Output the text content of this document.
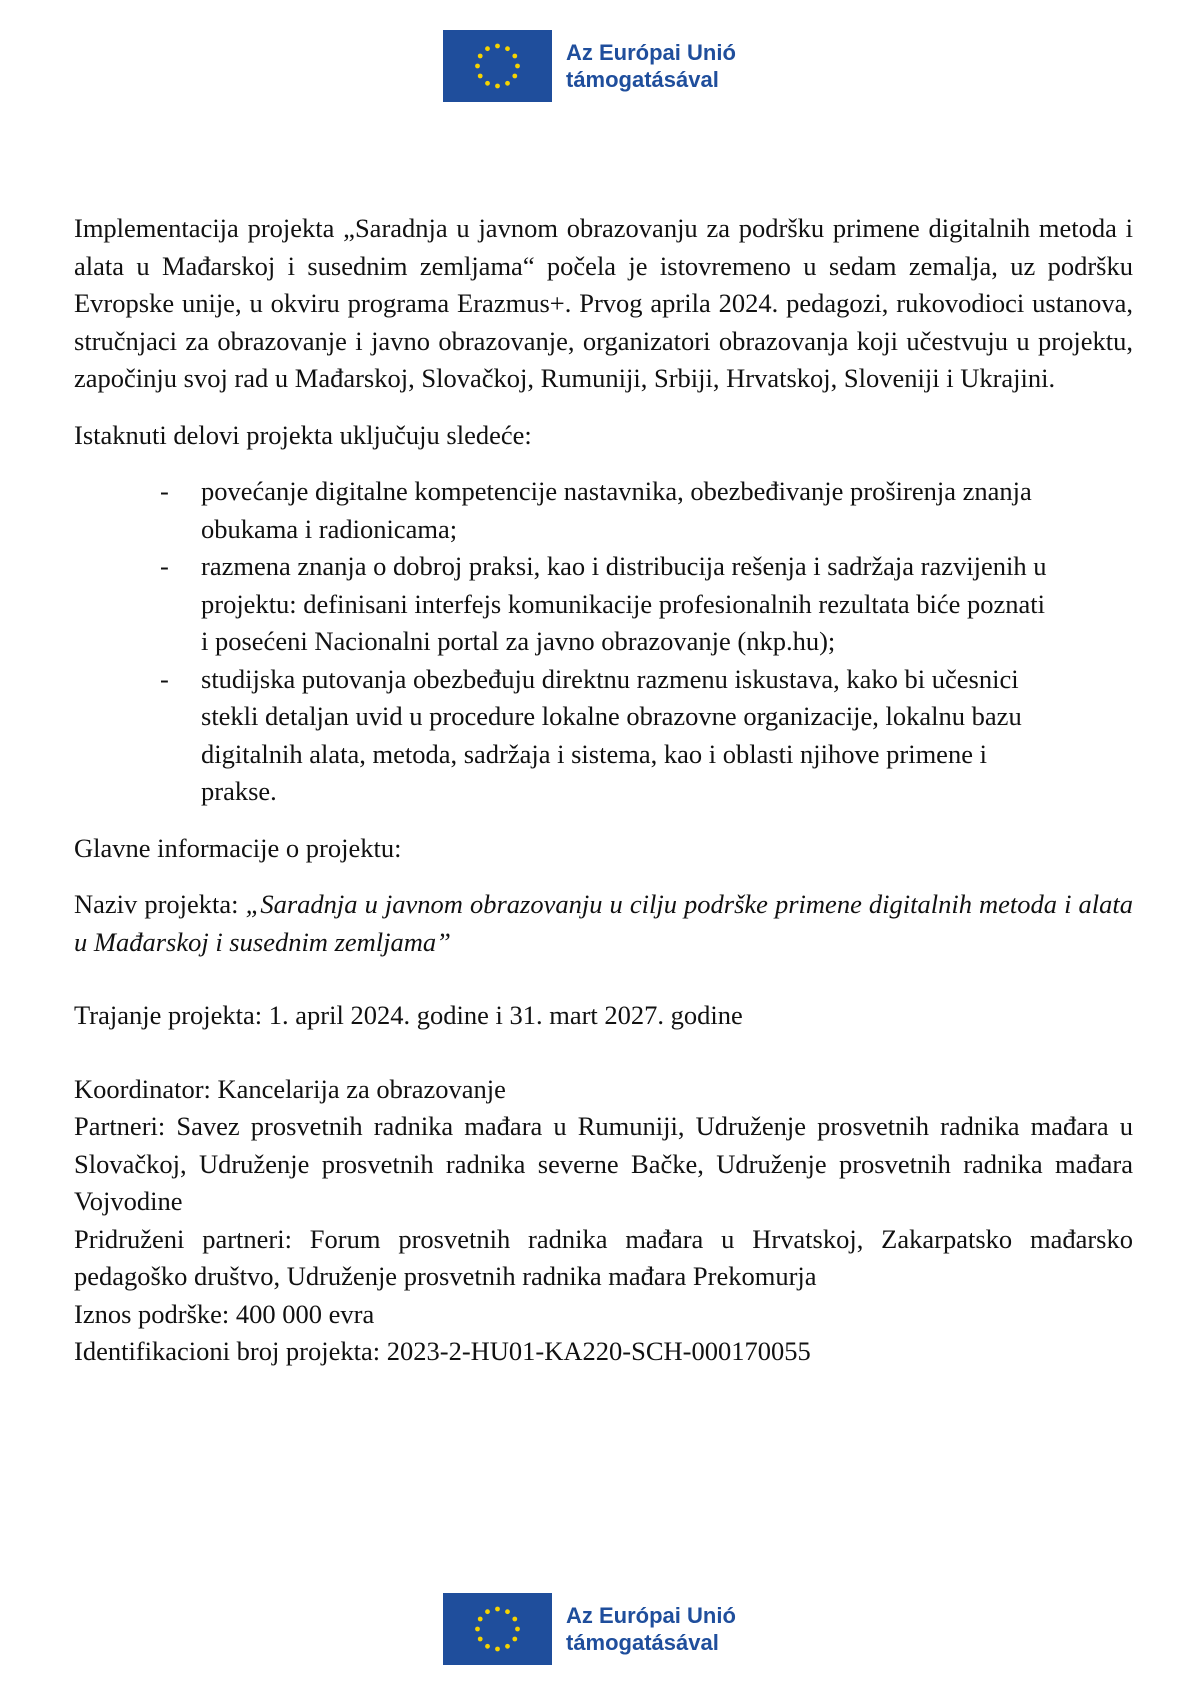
Az Európai Unió
támogatásával

Implementacija projekta „Saradnja u javnom obrazovanju za podršku primene digitalnih metoda i alata u Mađarskoj i susednim zemljama“ počela je istovremeno u sedam zemalja, uz podršku Evropske unije, u okviru programa Erazmus+. Prvog aprila 2024. pedagozi, rukovodioci ustanova, stručnjaci za obrazovanje i javno obrazovanje, organizatori obrazovanja koji učestvuju u projektu, započinju svoj rad u Mađarskoj, Slovačkoj, Rumuniji, Srbiji, Hrvatskoj, Sloveniji i Ukrajini.

Istaknuti delovi projekta uključuju sledeće:

- povećanje digitalne kompetencije nastavnika, obezbeđivanje proširenja znanja obukama i radionicama;
- razmena znanja o dobroj praksi, kao i distribucija rešenja i sadržaja razvijenih u projektu: definisani interfejs komunikacije profesionalnih rezultata biće poznati i posećeni Nacionalni portal za javno obrazovanje (nkp.hu);
- studijska putovanja obezbeđuju direktnu razmenu iskustava, kako bi učesnici stekli detaljan uvid u procedure lokalne obrazovne organizacije, lokalnu bazu digitalnih alata, metoda, sadržaja i sistema, kao i oblasti njihove primene i prakse.

Glavne informacije o projektu:

Naziv projekta: „Saradnja u javnom obrazovanju u cilju podrške primene digitalnih metoda i alata u Mađarskoj i susednim zemljama”

Trajanje projekta: 1. april 2024. godine i 31. mart 2027. godine

Koordinator: Kancelarija za obrazovanje

Partneri: Savez prosvetnih radnika mađara u Rumuniji, Udruženje prosvetnih radnika mađara u Slovačkoj, Udruženje prosvetnih radnika severne Bačke, Udruženje prosvetnih radnika mađara Vojvodine

Pridruženi partneri: Forum prosvetnih radnika mađara u Hrvatskoj, Zakarpatsko mađarsko pedagoško društvo, Udruženje prosvetnih radnika mađara Prekomurja

Iznos podrške: 400 000 evra

Identifikacioni broj projekta: 2023-2-HU01-KA220-SCH-000170055

Az Európai Unió
támogatásával
